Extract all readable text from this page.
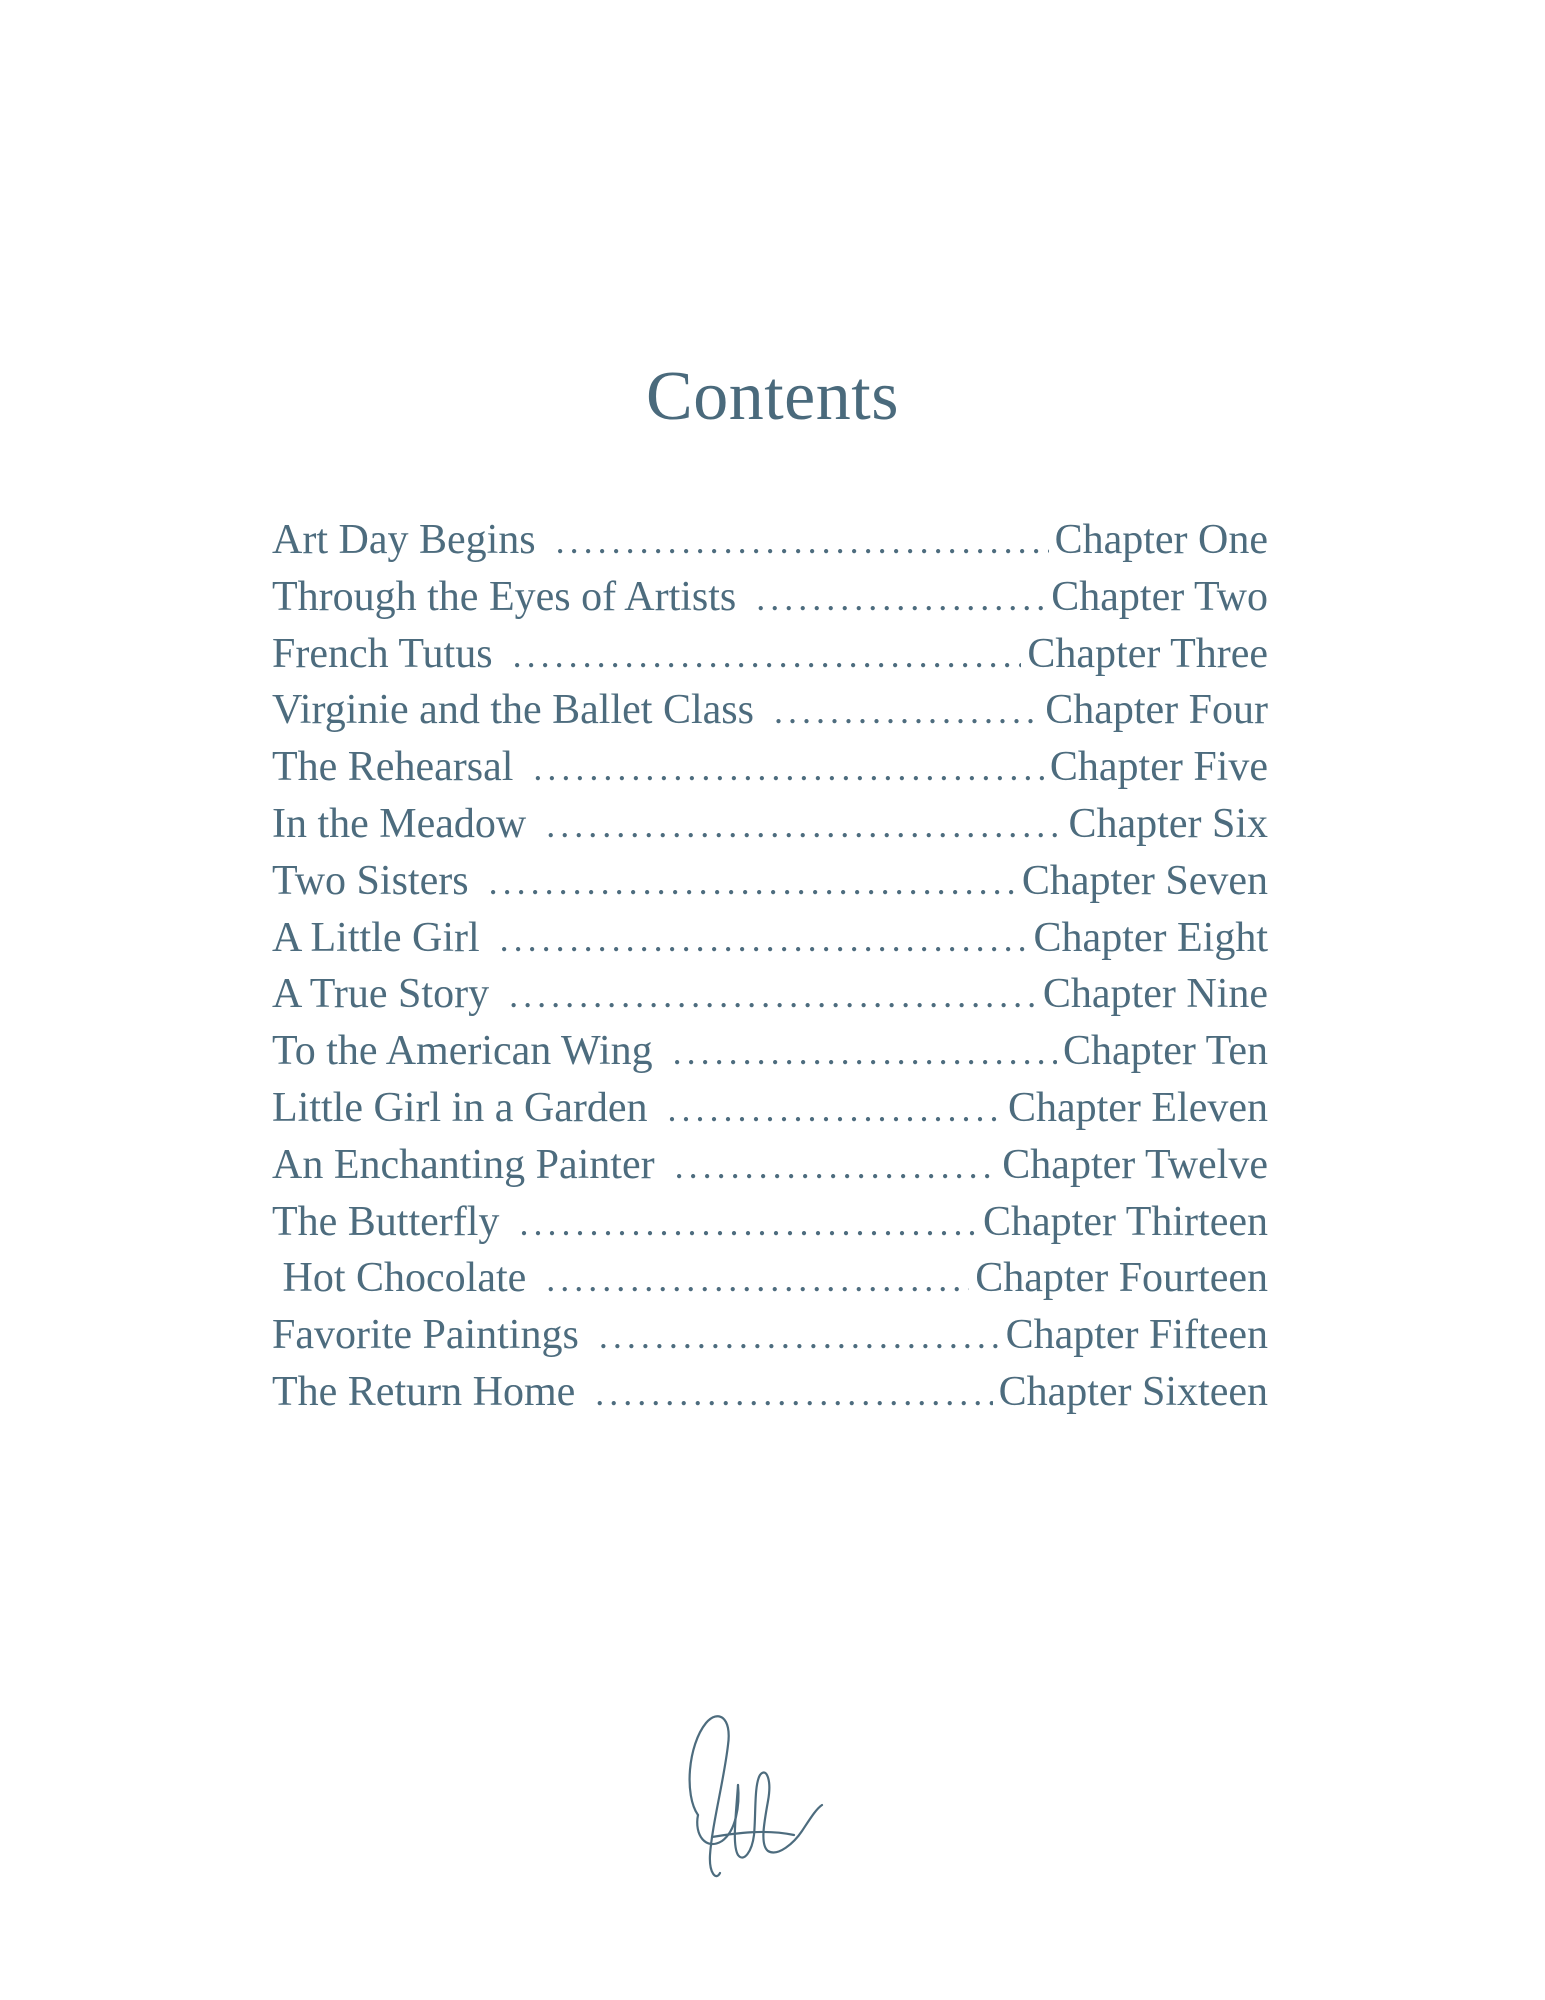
Contents
Art Day Begins . . .	Chapter One
Through the Eyes of Artists . . .	Chapter Two
French Tutus . . .	Chapter Three
Virginie and the Ballet Class . . .	Chapter Four
The Rehearsal . . .	Chapter Five
In the Meadow . . .	Chapter Six
Two Sisters . . .	Chapter Seven
A Little Girl . . .	Chapter Eight
A True Story . . .	Chapter Nine
To the American Wing . . .	Chapter Ten
Little Girl in a Garden . . .	Chapter Eleven
An Enchanting Painter . . .	Chapter Twelve
The Butterfly . . .	Chapter Thirteen
Hot Chocolate . . .	Chapter Fourteen
Favorite Paintings . . .	Chapter Fifteen
The Return Home . . .	Chapter Sixteen
